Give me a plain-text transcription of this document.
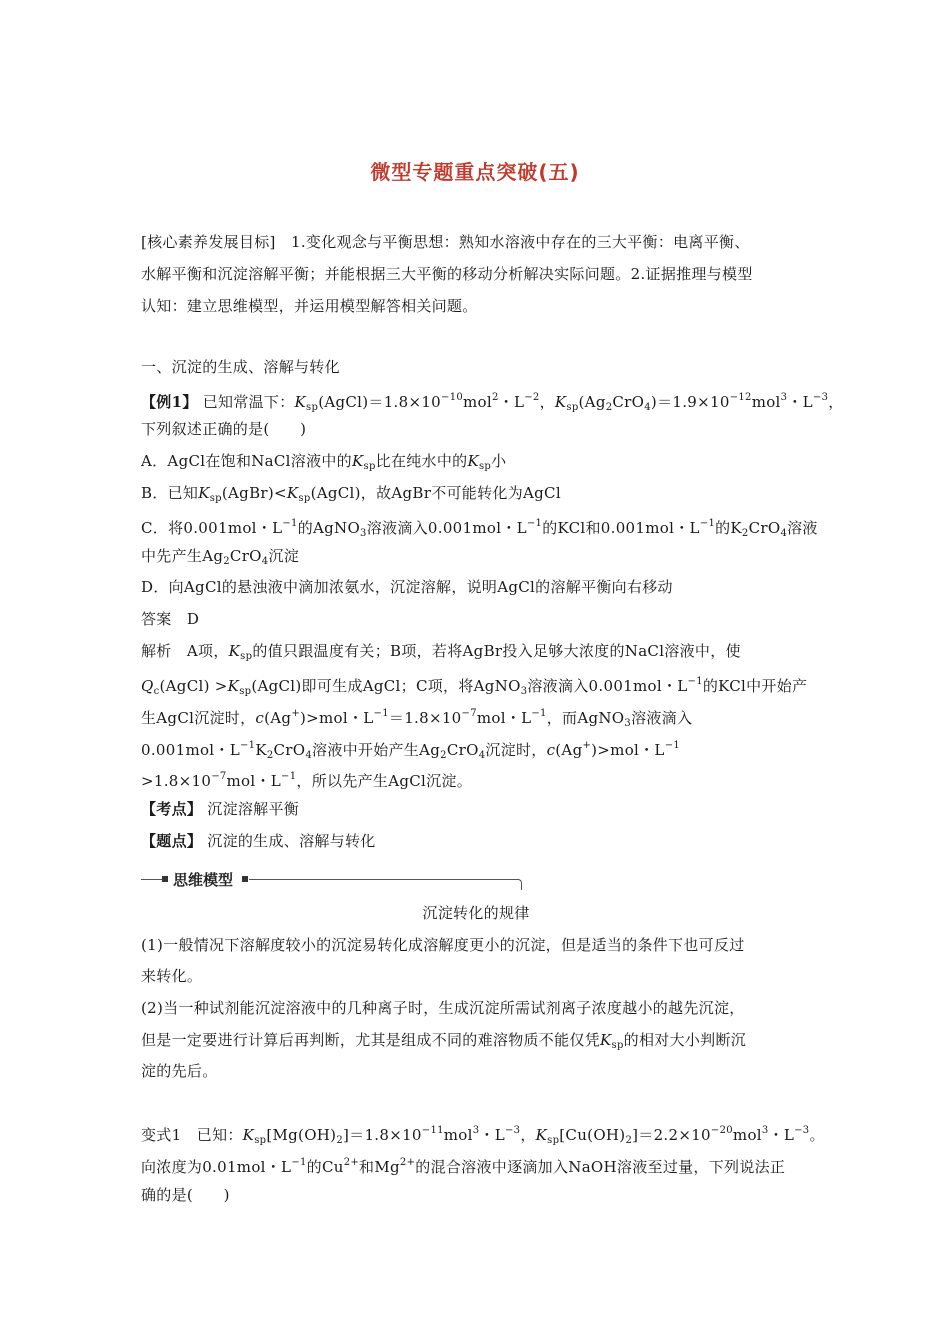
微型专题重点突破(五)
[核心素养发展目标]　1.变化观念与平衡思想：熟知水溶液中存在的三大平衡：电离平衡、
水解平衡和沉淀溶解平衡；并能根据三大平衡的移动分析解决实际问题。2.证据推理与模型
认知：建立思维模型，并运用模型解答相关问题。
一、沉淀的生成、溶解与转化
【例1】 已知常温下：$K_{sp}(AgCl)=1.8\times 10^{-10}mol^2$・$L^{-2}$，$K_{sp}(Ag_2CrO_4)=1.9\times 10^{-12}mol^3$・$L^{-3}$，
下列叙述正确的是(　　)
A．AgCl在饱和NaCl溶液中的$K_{sp}$比在纯水中的$K_{sp}$小
B．已知$K_{sp}(AgBr)<K_{sp}(AgCl)$，故AgBr不可能转化为AgCl
C．将0.001mol・$L^{-1}$的AgNO$_3$溶液滴入0.001mol・$L^{-1}$的KCl和0.001mol・$L^{-1}$的$K_2CrO_4$溶液
中先产生$Ag_2CrO_4$沉淀
D．向AgCl的悬浊液中滴加浓氨水，沉淀溶解，说明AgCl的溶解平衡向右移动
答案　 D
解析　 A项，$K_{sp}$的值只跟温度有关；B项，若将AgBr投入足够大浓度的NaCl溶液中，使
$Q_c(AgCl)$ $>K_{sp}(AgCl)$即可生成AgCl；C项，将AgNO$_3$溶液滴入0.001mol・$L^{-1}$的KCl中开始产
生AgCl沉淀时，c(Ag+)>mol・$L^{-1}=1.8\times 10^{-7}mol$・$L^{-1}$，而AgNO$_3$溶液滴入
0.001mol・$L^{-1}K_2CrO_4$溶液中开始产生$Ag_2CrO_4$沉淀时，c(Ag+)>mol・$L^{-1}$
$>1.8\times 10^{-7}mol$・$L^{-1}$，所以先产生AgCl沉淀。
【考点】 沉淀溶解平衡
【题点】 沉淀的生成、溶解与转化
思维模型
沉淀转化的规律
(1)一般情况下溶解度较小的沉淀易转化成溶解度更小的沉淀，但是适当的条件下也可反过
来转化。
(2)当一种试剂能沉淀溶液中的几种离子时，生成沉淀所需试剂离子浓度越小的越先沉淀，
但是一定要进行计算后再判断，尤其是组成不同的难溶物质不能仅凭$K_{sp}$的相对大小判断沉
淀的先后。
变式1　 已知：$K_{sp}[Mg(OH)_2]=1.8\times 10^{-11}mol^3$・$L^{-3}$，$K_{sp}[Cu(OH)_2]=2.2\times 10^{-20}mol^3$・$L^{-3}$。
向浓度为0.01mol・$L^{-1}$的$Cu^{2+}$和$Mg^{2+}$的混合溶液中逐滴加入NaOH溶液至过量，下列说法正
确的是(　　)
